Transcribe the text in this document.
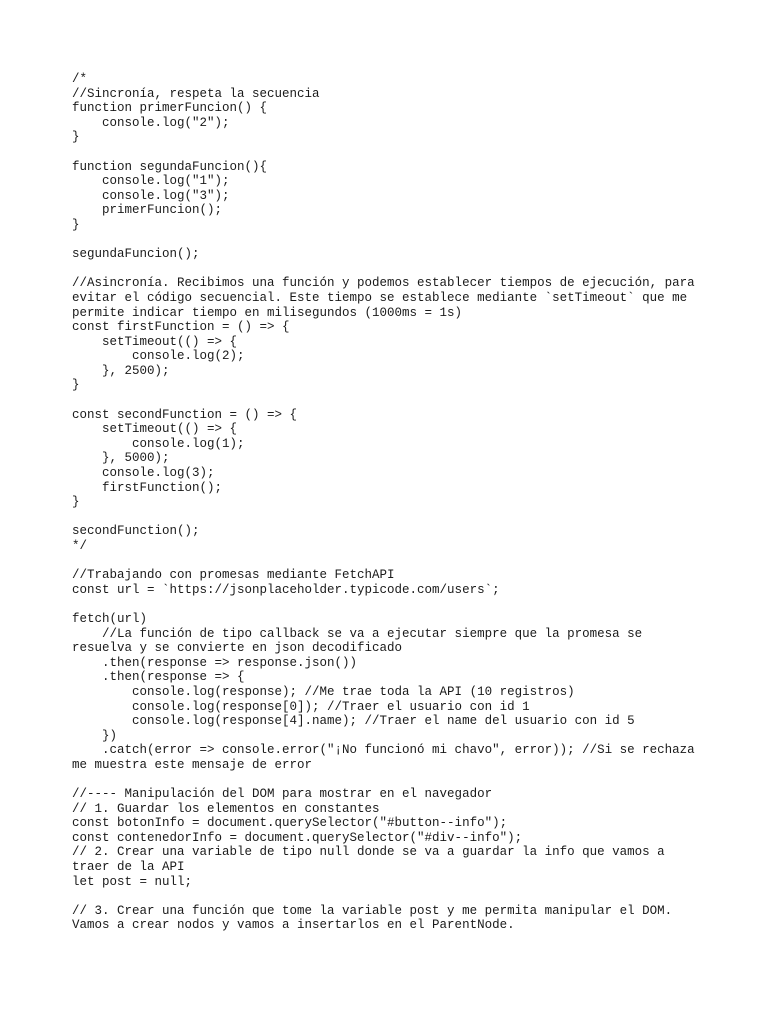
/*
//Sincronía, respeta la secuencia
function primerFuncion() {
console.log("2");
}

function segundaFuncion(){
console.log("1");
console.log("3");
primerFuncion();
}

segundaFuncion();

//Asincronía. Recibimos una función y podemos establecer tiempos de ejecución, para
evitar el código secuencial. Este tiempo se establece mediante `setTimeout` que me
permite indicar tiempo en milisegundos (1000ms = 1s)
const firstFunction = () => {
setTimeout(() => {
console.log(2);
}, 2500);
}

const secondFunction = () => {
setTimeout(() => {
console.log(1);
}, 5000);
console.log(3);
firstFunction();
}

secondFunction();
*/

//Trabajando con promesas mediante FetchAPI
const url = `https://jsonplaceholder.typicode.com/users`;

fetch(url)
//La función de tipo callback se va a ejecutar siempre que la promesa se
resuelva y se convierte en json decodificado
.then(response => response.json())
.then(response => {
console.log(response); //Me trae toda la API (10 registros)
console.log(response[0]); //Traer el usuario con id 1
console.log(response[4].name); //Traer el name del usuario con id 5
})
.catch(error => console.error("¡No funcionó mi chavo", error)); //Si se rechaza
me muestra este mensaje de error

//---- Manipulación del DOM para mostrar en el navegador
// 1. Guardar los elementos en constantes
const botonInfo = document.querySelector("#button--info");
const contenedorInfo = document.querySelector("#div--info");
// 2. Crear una variable de tipo null donde se va a guardar la info que vamos a
traer de la API
let post = null;

// 3. Crear una función que tome la variable post y me permita manipular el DOM.
Vamos a crear nodos y vamos a insertarlos en el ParentNode.
